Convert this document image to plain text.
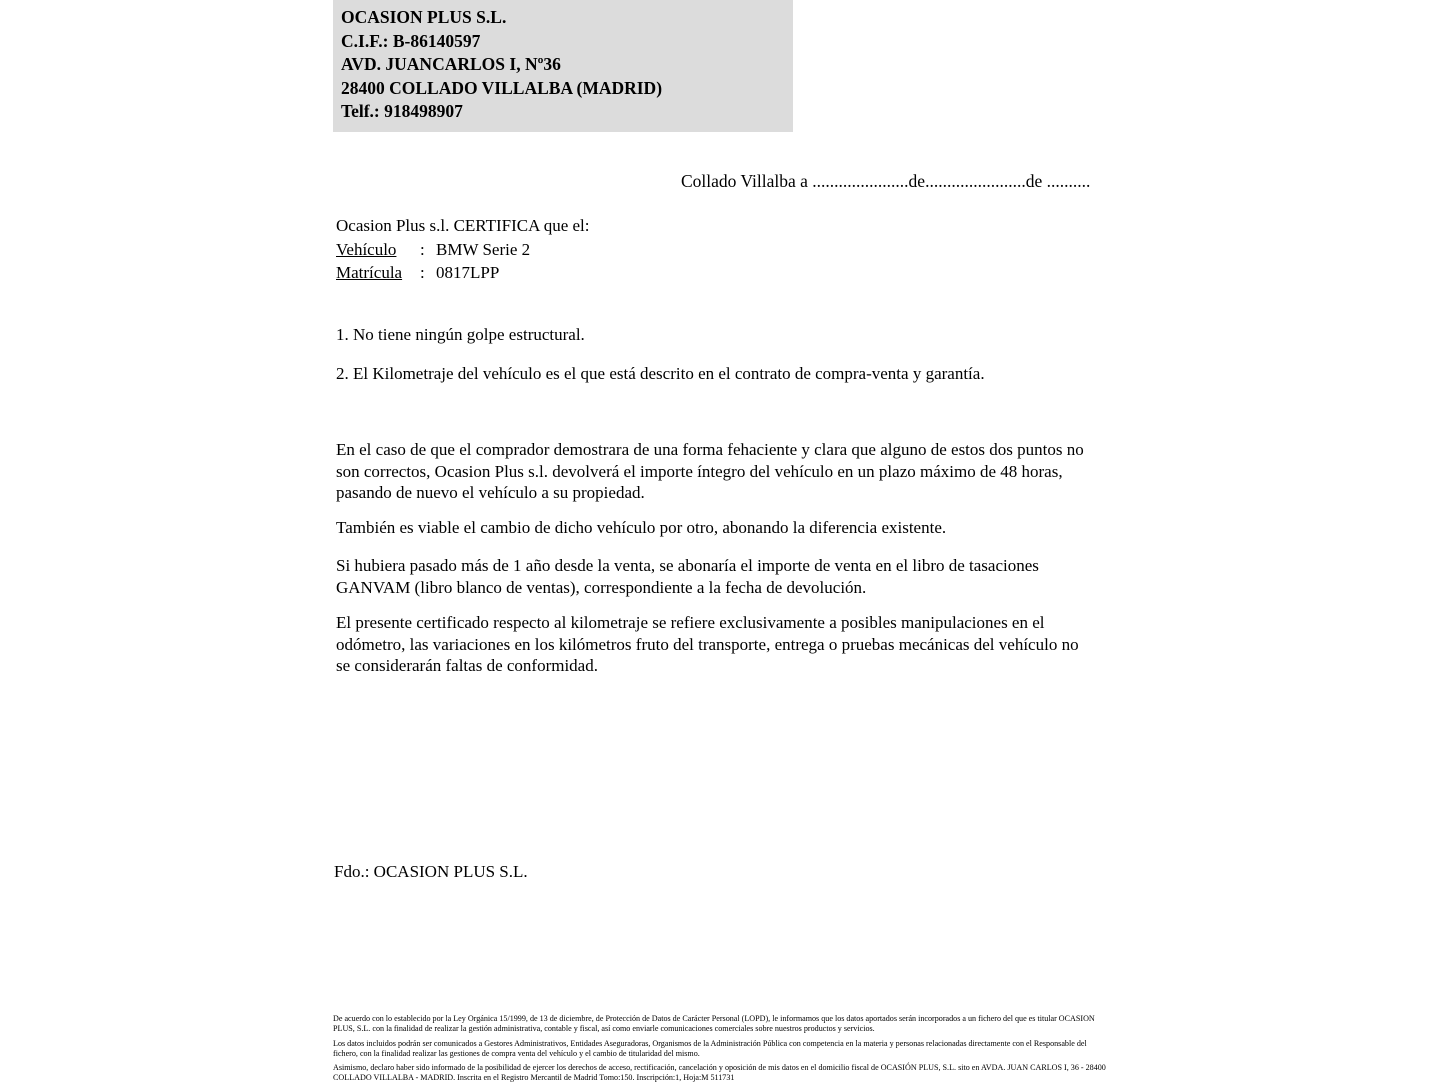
OCASION PLUS S.L.
C.I.F.: B-86140597
AVD. JUANCARLOS I, Nº36
28400 COLLADO VILLALBA (MADRID)
Telf.: 918498907
Collado Villalba a ......................de.......................de ..........
Ocasion Plus s.l. CERTIFICA que el:
Vehículo : BMW Serie 2
Matrícula : 0817LPP
1. No tiene ningún golpe estructural.
2. El Kilometraje del vehículo es el que está descrito en el contrato de compra-venta y garantía.
En el caso de que el comprador demostrara de una forma fehaciente y clara que alguno de estos dos puntos no son correctos, Ocasion Plus s.l. devolverá el importe íntegro del vehículo en un plazo máximo de 48 horas, pasando de nuevo el vehículo a su propiedad.
También es viable el cambio de dicho vehículo por otro, abonando la diferencia existente.
Si hubiera pasado más de 1 año desde la venta, se abonaría el importe de venta en el libro de tasaciones GANVAM (libro blanco de ventas), correspondiente a la fecha de devolución.
El presente certificado respecto al kilometraje se refiere exclusivamente a posibles manipulaciones en el odómetro, las variaciones en los kilómetros fruto del transporte, entrega o pruebas mecánicas del vehículo no se considerarán faltas de conformidad.
Fdo.: OCASION PLUS S.L.

De acuerdo con lo establecido por la Ley Orgánica 15/1999, de 13 de diciembre, de Protección de Datos de Carácter Personal (LOPD), le informamos que los datos aportados serán incorporados a un fichero del que es titular OCASION PLUS, S.L. con la finalidad de realizar la gestión administrativa, contable y fiscal, así como enviarle comunicaciones comerciales sobre nuestros productos y servicios.

Los datos incluidos podrán ser comunicados a Gestores Administrativos, Entidades Aseguradoras, Organismos de la Administración Pública con competencia en la materia y personas relacionadas directamente con el Responsable del fichero, con la finalidad realizar las gestiones de compra venta del vehículo y el cambio de titularidad del mismo.

Asimismo, declaro haber sido informado de la posibilidad de ejercer los derechos de acceso, rectificación, cancelación y oposición de mis datos en el domicilio fiscal de OCASIÓN PLUS, S.L. sito en AVDA. JUAN CARLOS I, 36 - 28400 COLLADO VILLALBA - MADRID. Inscrita en el Registro Mercantil de Madrid Tomo:150. Inscripción:1, Hoja:M 511731
